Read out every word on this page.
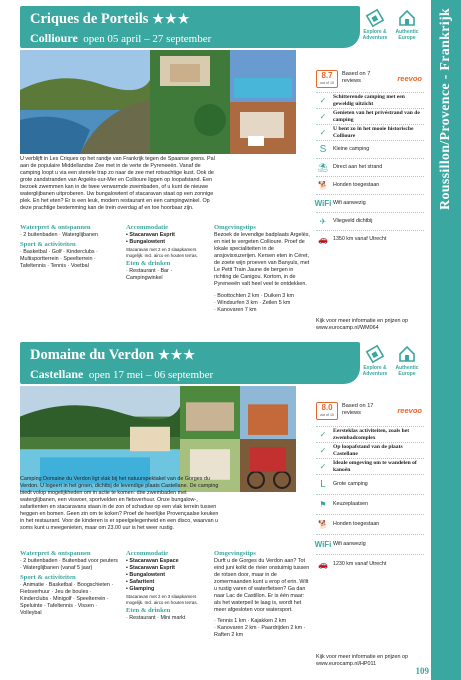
Roussillon/Provence - Frankrijk
Criques de Porteils ★★★
Collioure open 05 april – 27 september
Explore & Adventure
Authentic Europe

U verblijft in Les Criques op het randje van Frankrijk tegen de Spaanse grens. Pal aan de populaire Middellandse Zee met in de verte de Pyreneeën. Vanaf de camping loopt u via een steriele trap zo naar de zee met rotsachtige kust. Ook de grote zandstranden van Argelès-sur-Mer en Collioure liggen op loopafstand. Een bezoek zwemmen kan in de twee verwarmde zwembaden, of u kunt de nieuwe waterglijbanen uitproberen. Uw bungalowtent of stacaravan staat op een zonnige plek. En het eten? Er is een leuk, modern restaurant en een campingwinkel. Op deze prachtige bestemming kan de trein overdag af en toe hoorbaar zijn.

Waterpret & ontspannen
· 2 buitenbaden · Waterglijbanen
Sport & activiteiten
· Basketbal · Golf · Kinderclubs · Multisportterrein · Speelterrein · Tafeltennis · Tennis · Voetbal
Accommodatie
▪ Stacaravan Esprit
▪ Bungalowtent
Stacaravan met 2 en 3 slaapkamers mogelijk. Incl. airco en houten terras.
Eten & drinken
· Restaurant · Bar · Campingwinkel
Omgevingstips
Bezoek de levendige badplaats Argelès, en niet te vergeten Collioure. Proef de lokale specialiteiten in de ansjovisxuzerijen. Kersen eten in Céret, de zoete wijn proeven van Banyuls, met Le Petit Train Jaune de bergen in richting de Canigou. Kortom, in de Pyreneeën valt heel veel te ontdekken.
· Boottochten 2 km · Duiken 3 km
· Windsurfen 3 km · Zeilen 5 km
· Kanovaren 7 km
8.7
out of 10
Based on 7 reviews	reevoo
✓	Schitterende camping met een geweldig uitzicht
✓	Genieten van het privéstrand van de camping
✓	U bent zo in het mooie historische Collioure
S	Kleine camping
⛱ Direct aan het strand
🐕 Honden toegestaan
WiFi Wifi aanwezig
✈	Vliegveld dichtbij
🚗 1350 km vanaf Utrecht
Kijk voor meer informatie en prijzen op www.eurocamp.nl/WM064
Domaine du Verdon ★★★
Castellane open 17 mei – 06 september
Explore & Adventure
Authentic Europe

Camping Domaine du Verdon ligt vlak bij het natuurspektakel van de Gorges du Verdon. U logeert in het groen, dichtbij de levendige plaats Castellane. De camping biedt volop mogelijkheden om in actie te komen: drie zwembaden met waterglijbanen, een viswoer, sportvelden en fietsverhuur. Onze bungalow-, safaritenten en stacaravans staan in de zon of schaduw op een vlak terrein tussen heggen en bomen. Geen zin om te koken? Proef de heerlijke Provençaalse keuken in het restaurant. Voor de kinderen is er speelgelegenheid en een disco, waarvan u soms kunt u meegenieten, maar om 23.00 uur is het weer rustig.

Waterpret & ontspannen
· 2 buitenbaden · Buitenbad voor peuters · Waterglijbanen (vanaf 5 jaar)
Sport & activiteiten
· Animatie · Basketbal · Boogschieten · Fietsverhuur · Jeu de boules · Kinderclubs · Minigolf · Speelterrein · Speluinte · Tafeltennis · Vissen · Volleybal
Accommodatie
▪ Stacaravan Espace
▪ Stacaravan Esprit
▪ Bungalowtent
▪ Safaritent
▪ Glamping
Stacaravan met 2 en 3 slaapkamers mogelijk. Incl. airco en houten terras.
Eten & drinken
· Restaurant · Mini markt
Omgevingstips
Durft u de Gorges du Verdon aan? Tot eind juni kolkt de rivier onstuimig tussen de rotsen door, maar in de zomermaanden kunt u erop of erin. Wilt u rustig varen of waterfietsen? Ga dan naar Lac de Castillon. Er is één maar: als het waterpeil te laag is, wordt het meer afgesloten voor watersport.
· Tennis 1 km · Kajakken 2 km
· Kanovaren 2 km · Paardrijden 2 km · Raften 2 km
8.0
out of 10
Based on 17 reviews	reevoo
✓	Eersteklas activiteiten, zoals het zwembadcomplex
✓	Op loopafstand van de plaats Castellane
✓	Ideale omgeving om te wandelen of kanoën
L	Grote camping
⚑	Keuzeplaatsen
🐕 Honden toegestaan
WiFi Wifi aanwezig
🚗 1230 km vanaf Utrecht
Kijk voor meer informatie en prijzen op www.eurocamp.nl/HP011
109
